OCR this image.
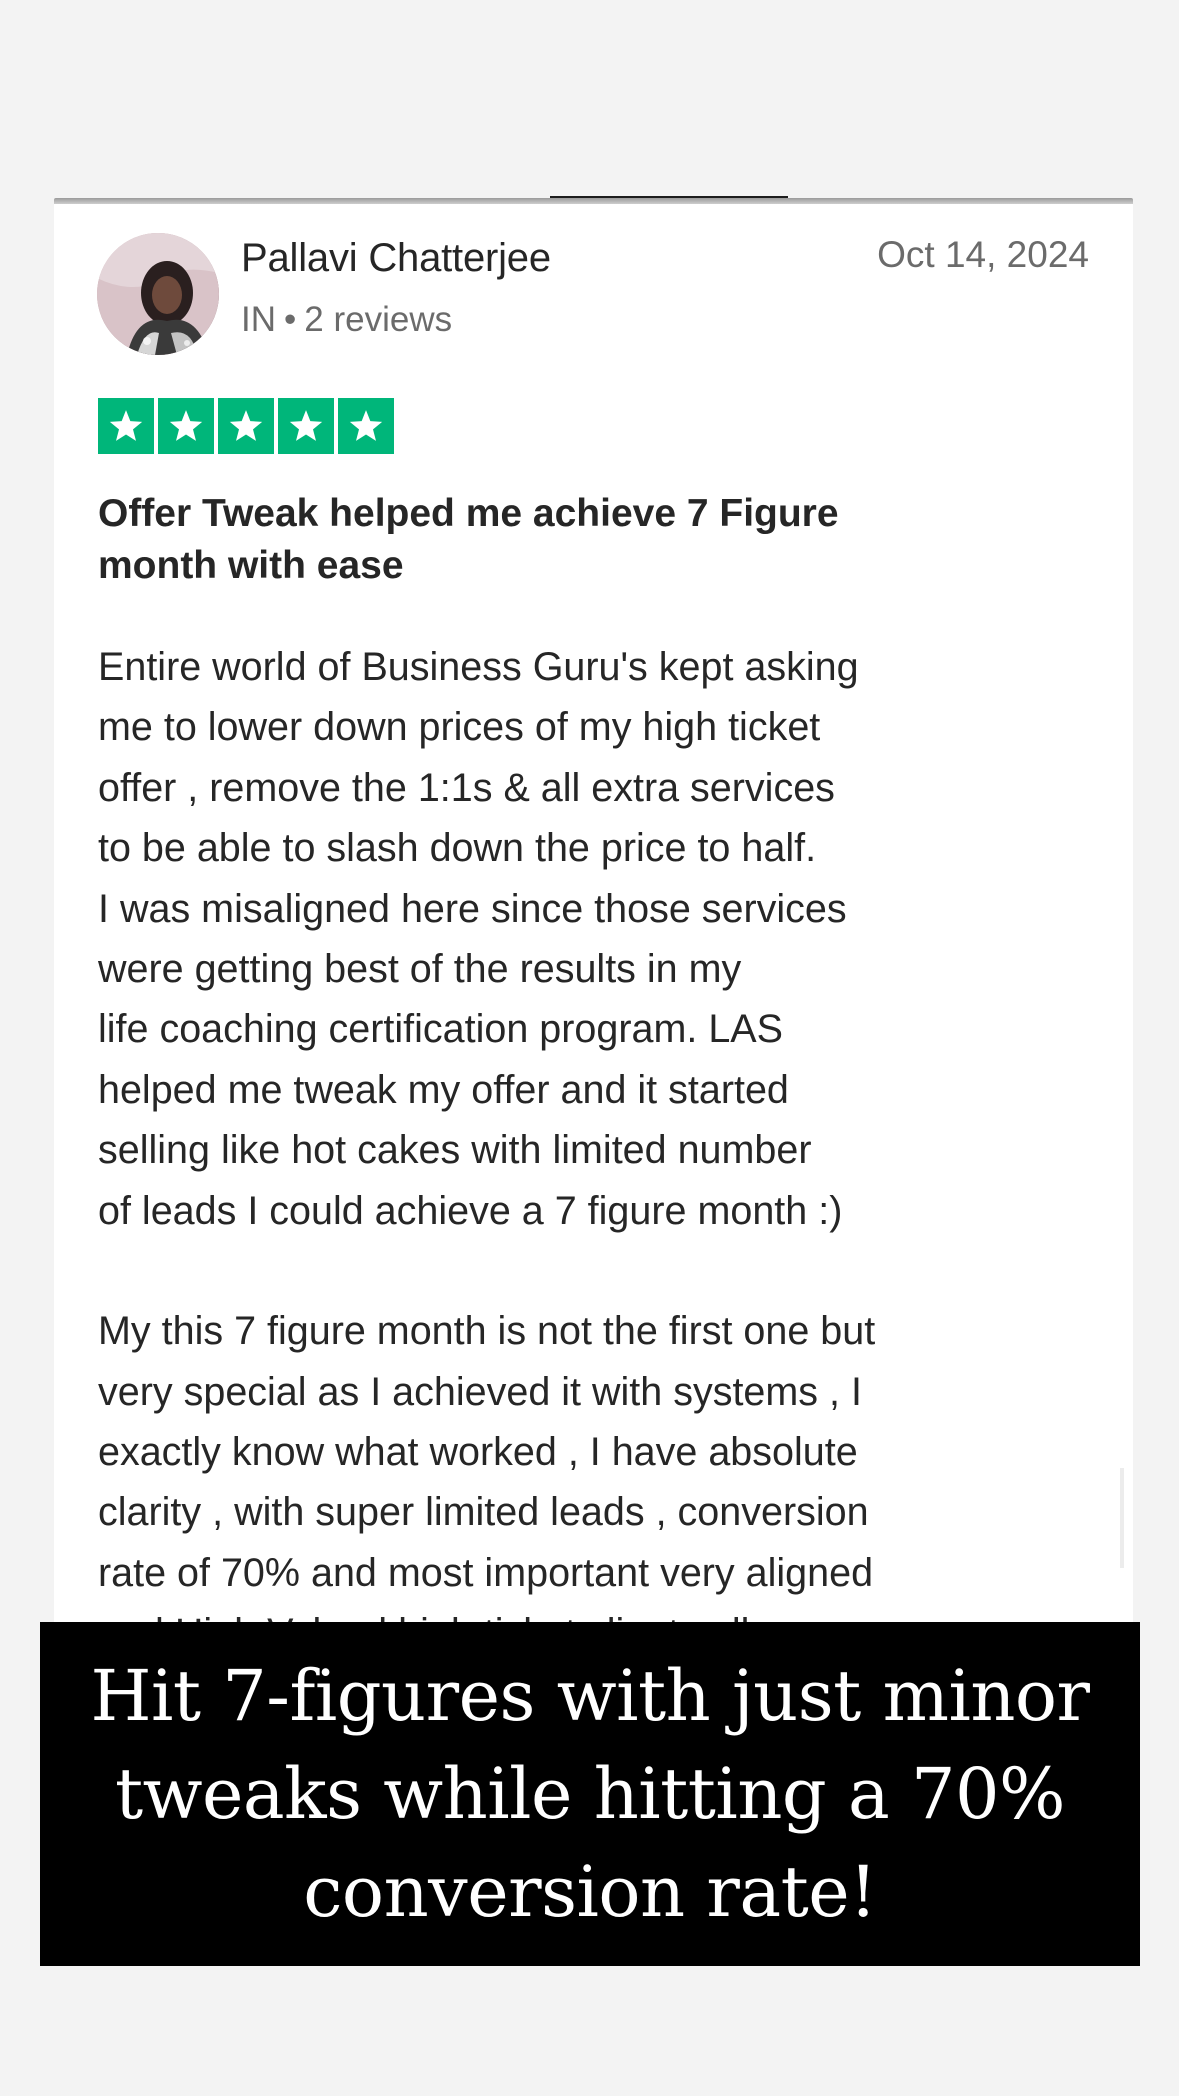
Pallavi Chatterjee
IN • 2 reviews
Oct 14, 2024
Offer Tweak helped me achieve 7 Figure
month with ease
Entire world of Business Guru's kept asking
me to lower down prices of my high ticket
offer , remove the 1:1s & all extra services
to be able to slash down the price to half.
I was misaligned here since those services
were getting best of the results in my
life coaching certification program. LAS
helped me tweak my offer and it started
selling like hot cakes with limited number
of leads I could achieve a 7 figure month :)
My this 7 figure month is not the first one but
very special as I achieved it with systems , I
exactly know what worked , I have absolute
clarity , with super limited leads , conversion
rate of 70% and most important very aligned
Hit 7-figures with just minor
tweaks while hitting a 70%
conversion rate!
